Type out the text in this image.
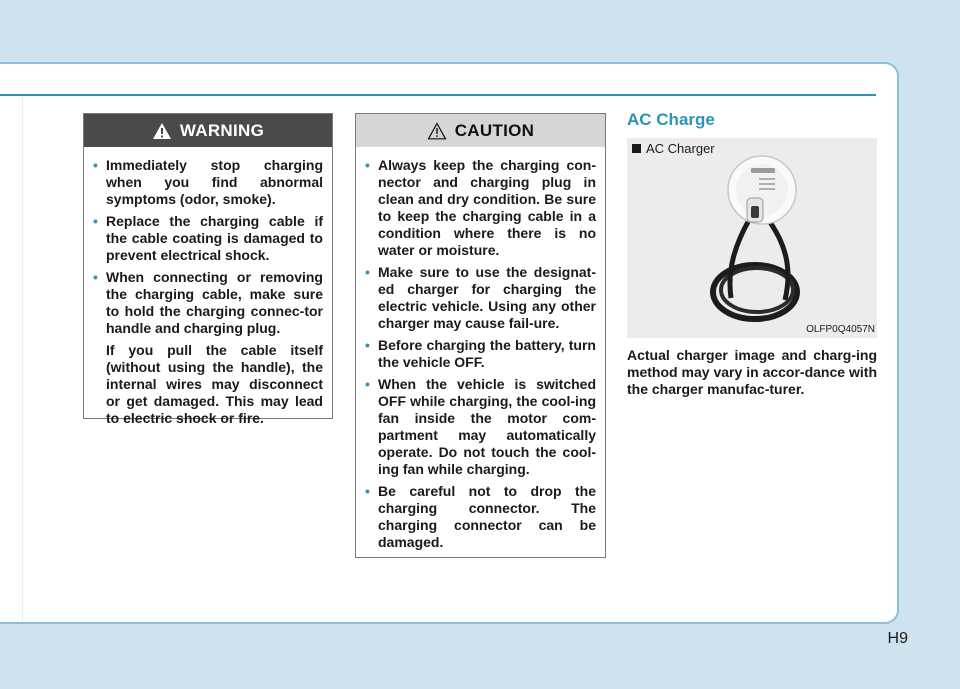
WARNING
• Immediately stop charging when you find abnormal symptoms (odor, smoke).

• Replace the charging cable if the cable coating is damaged to prevent electrical shock.

• When connecting or removing the charging cable, make sure to hold the charging connec-tor handle and charging plug.

If you pull the cable itself (without using the handle), the internal wires may disconnect or get damaged. This may lead to electric shock or fire.

CAUTION
• Always keep the charging con-nector and charging plug in clean and dry condition. Be sure to keep the charging cable in a condition where there is no water or moisture.

• Make sure to use the designat-ed charger for charging the electric vehicle. Using any other charger may cause fail-ure.

• Before charging the battery, turn the vehicle OFF.

• When the vehicle is switched OFF while charging, the cool-ing fan inside the motor com-partment may automatically operate. Do not touch the cool-ing fan while charging.

• Be careful not to drop the charging connector. The charging connector can be damaged.

AC Charge
AC Charger
OLFP0Q4057N

Actual charger image and charg-ing method may vary in accor-dance with the charger manufac-turer.

H9
